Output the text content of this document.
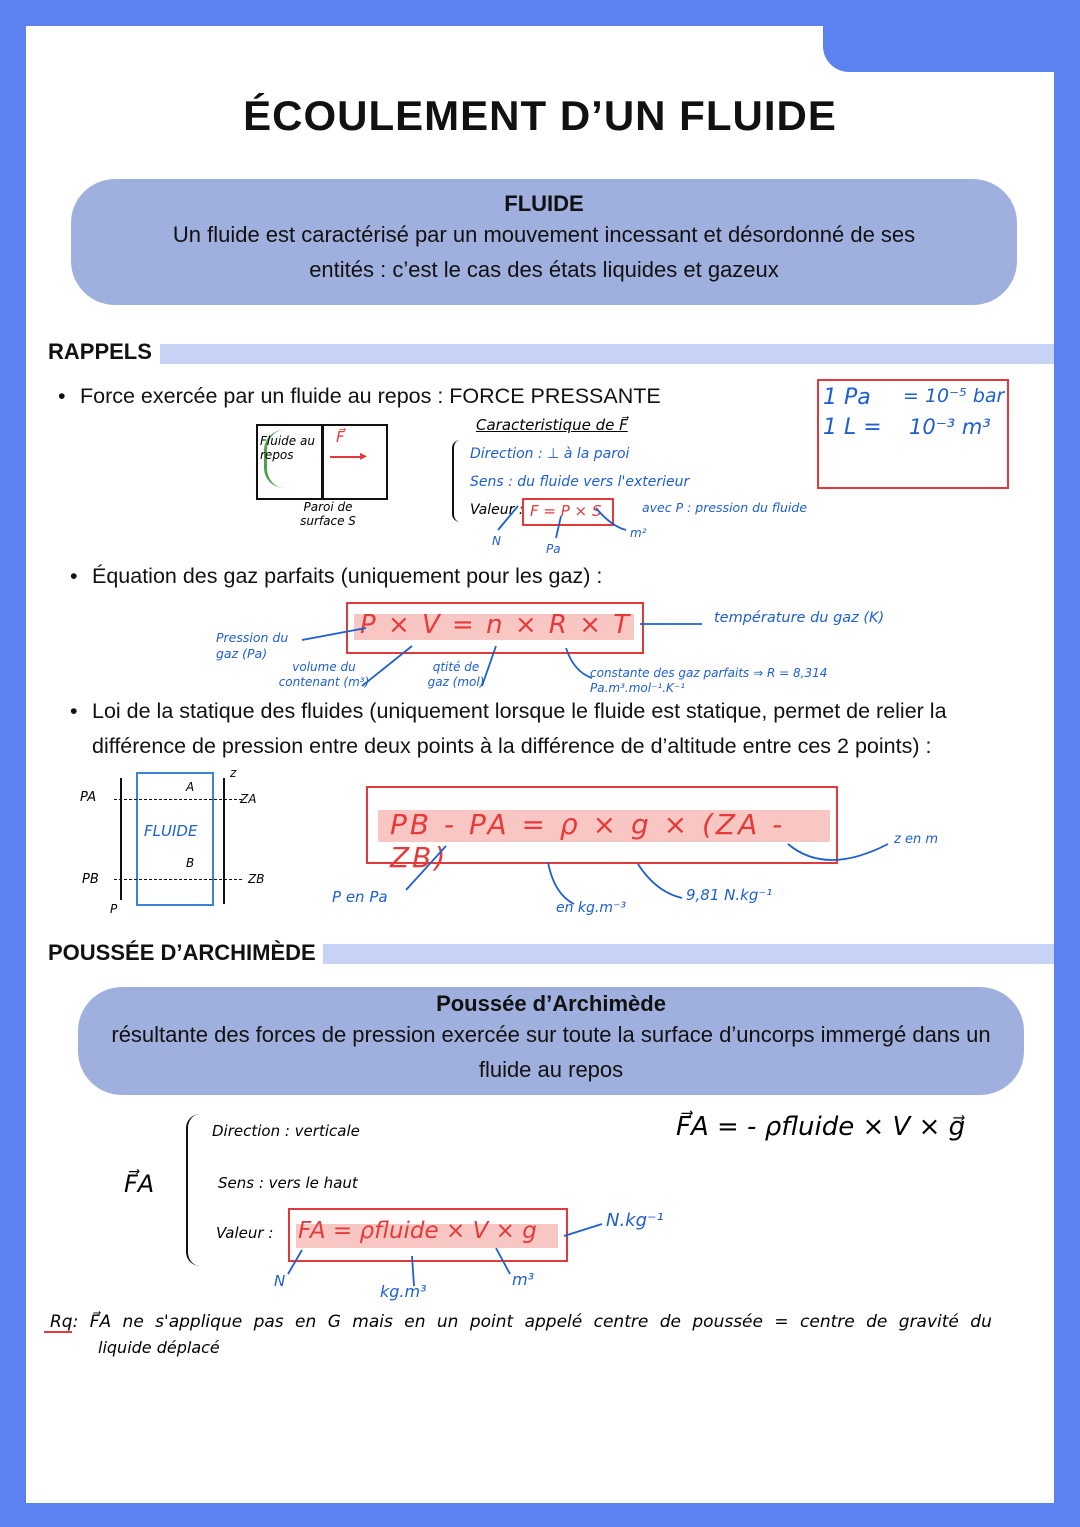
ÉCOULEMENT D’UN FLUIDE
FLUIDE
Un fluide est caractérisé par un mouvement incessant et désordonné de ses
entités : c’est le cas des états liquides et gazeux
RAPPELS
• Force exercée par un fluide au repos : FORCE PRESSANTE	1 Pa = 10⁻⁵ bar
1 L = 10⁻³ m³
Fluide au repos
F⃗
▸
Paroi de surface S
Caracteristique de F⃗
Direction : ⊥ à la paroi
Sens : du fluide vers l'exterieur
Valeur : F = P × S	avec P : pression du fluide
N
Pa
m²
• Équation des gaz parfaits (uniquement pour les gaz) :
P × V = n × R × T
Pression du gaz (Pa)
volume du contenant (m³)
qtité de gaz (mol)
constante des gaz parfaits ⇒ R = 8,314 Pa.m³.mol⁻¹.K⁻¹
température du gaz (K)
• Loi de la statique des fluides (uniquement lorsque le fluide est statique, permet de relier la
différence de pression entre deux points à la différence de d’altitude entre ces 2 points) :
FLUIDE
A
B
PA
PB
P
z
ZA
ZB
PB - PA = ρ × g × (ZA - ZB)
P en Pa
en kg.m⁻³
9,81 N.kg⁻¹
z en m
POUSSÉE D’ARCHIMÈDE
Poussée d’Archimède
résultante des forces de pression exercée sur toute la surface d’uncorps immergé dans un
fluide au repos
F⃗A
Direction : verticale
Sens : vers le haut
Valeur : FA = ρfluide × V × g	N.kg⁻¹
N
kg.m³
m³
F⃗A = - ρfluide × V × g⃗
Rq: F⃗A ne s'applique pas en G mais en un point appelé centre de poussée = centre de gravité du
liquide déplacé
